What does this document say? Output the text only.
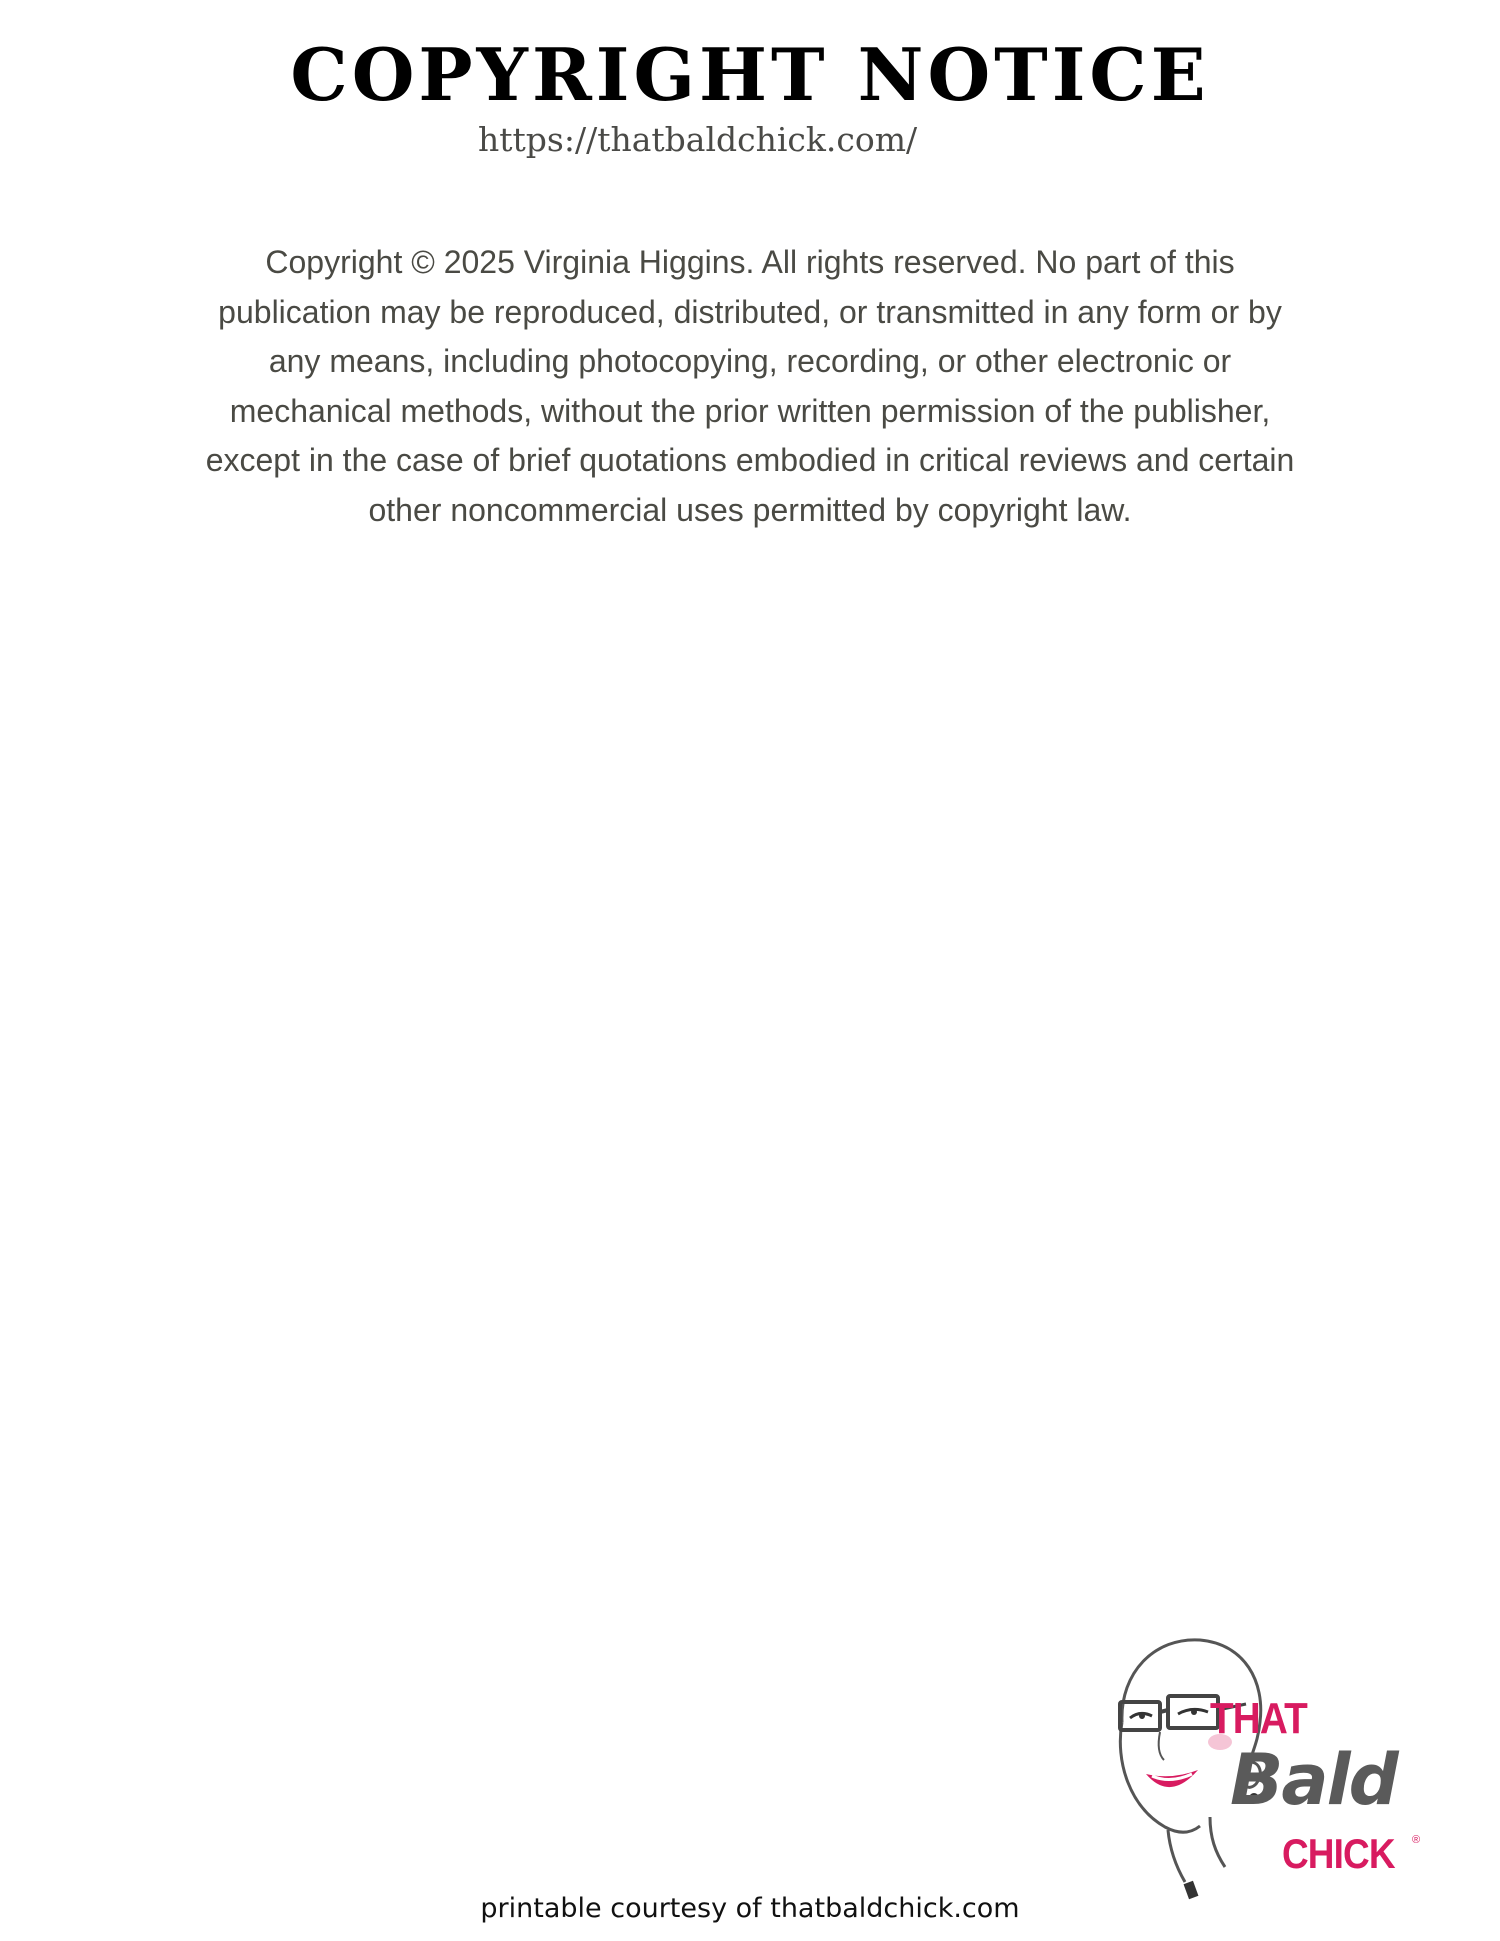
COPYRIGHT NOTICE
https://thatbaldchick.com/

Copyright © 2025 Virginia Higgins. All rights reserved. No part of this
publication may be reproduced, distributed, or transmitted in any form or by
any means, including photocopying, recording, or other electronic or
mechanical methods, without the prior written permission of the publisher,
except in the case of brief quotations embodied in critical reviews and certain
other noncommercial uses permitted by copyright law.

THAT
Bald
CHICK ®
printable courtesy of thatbaldchick.com
